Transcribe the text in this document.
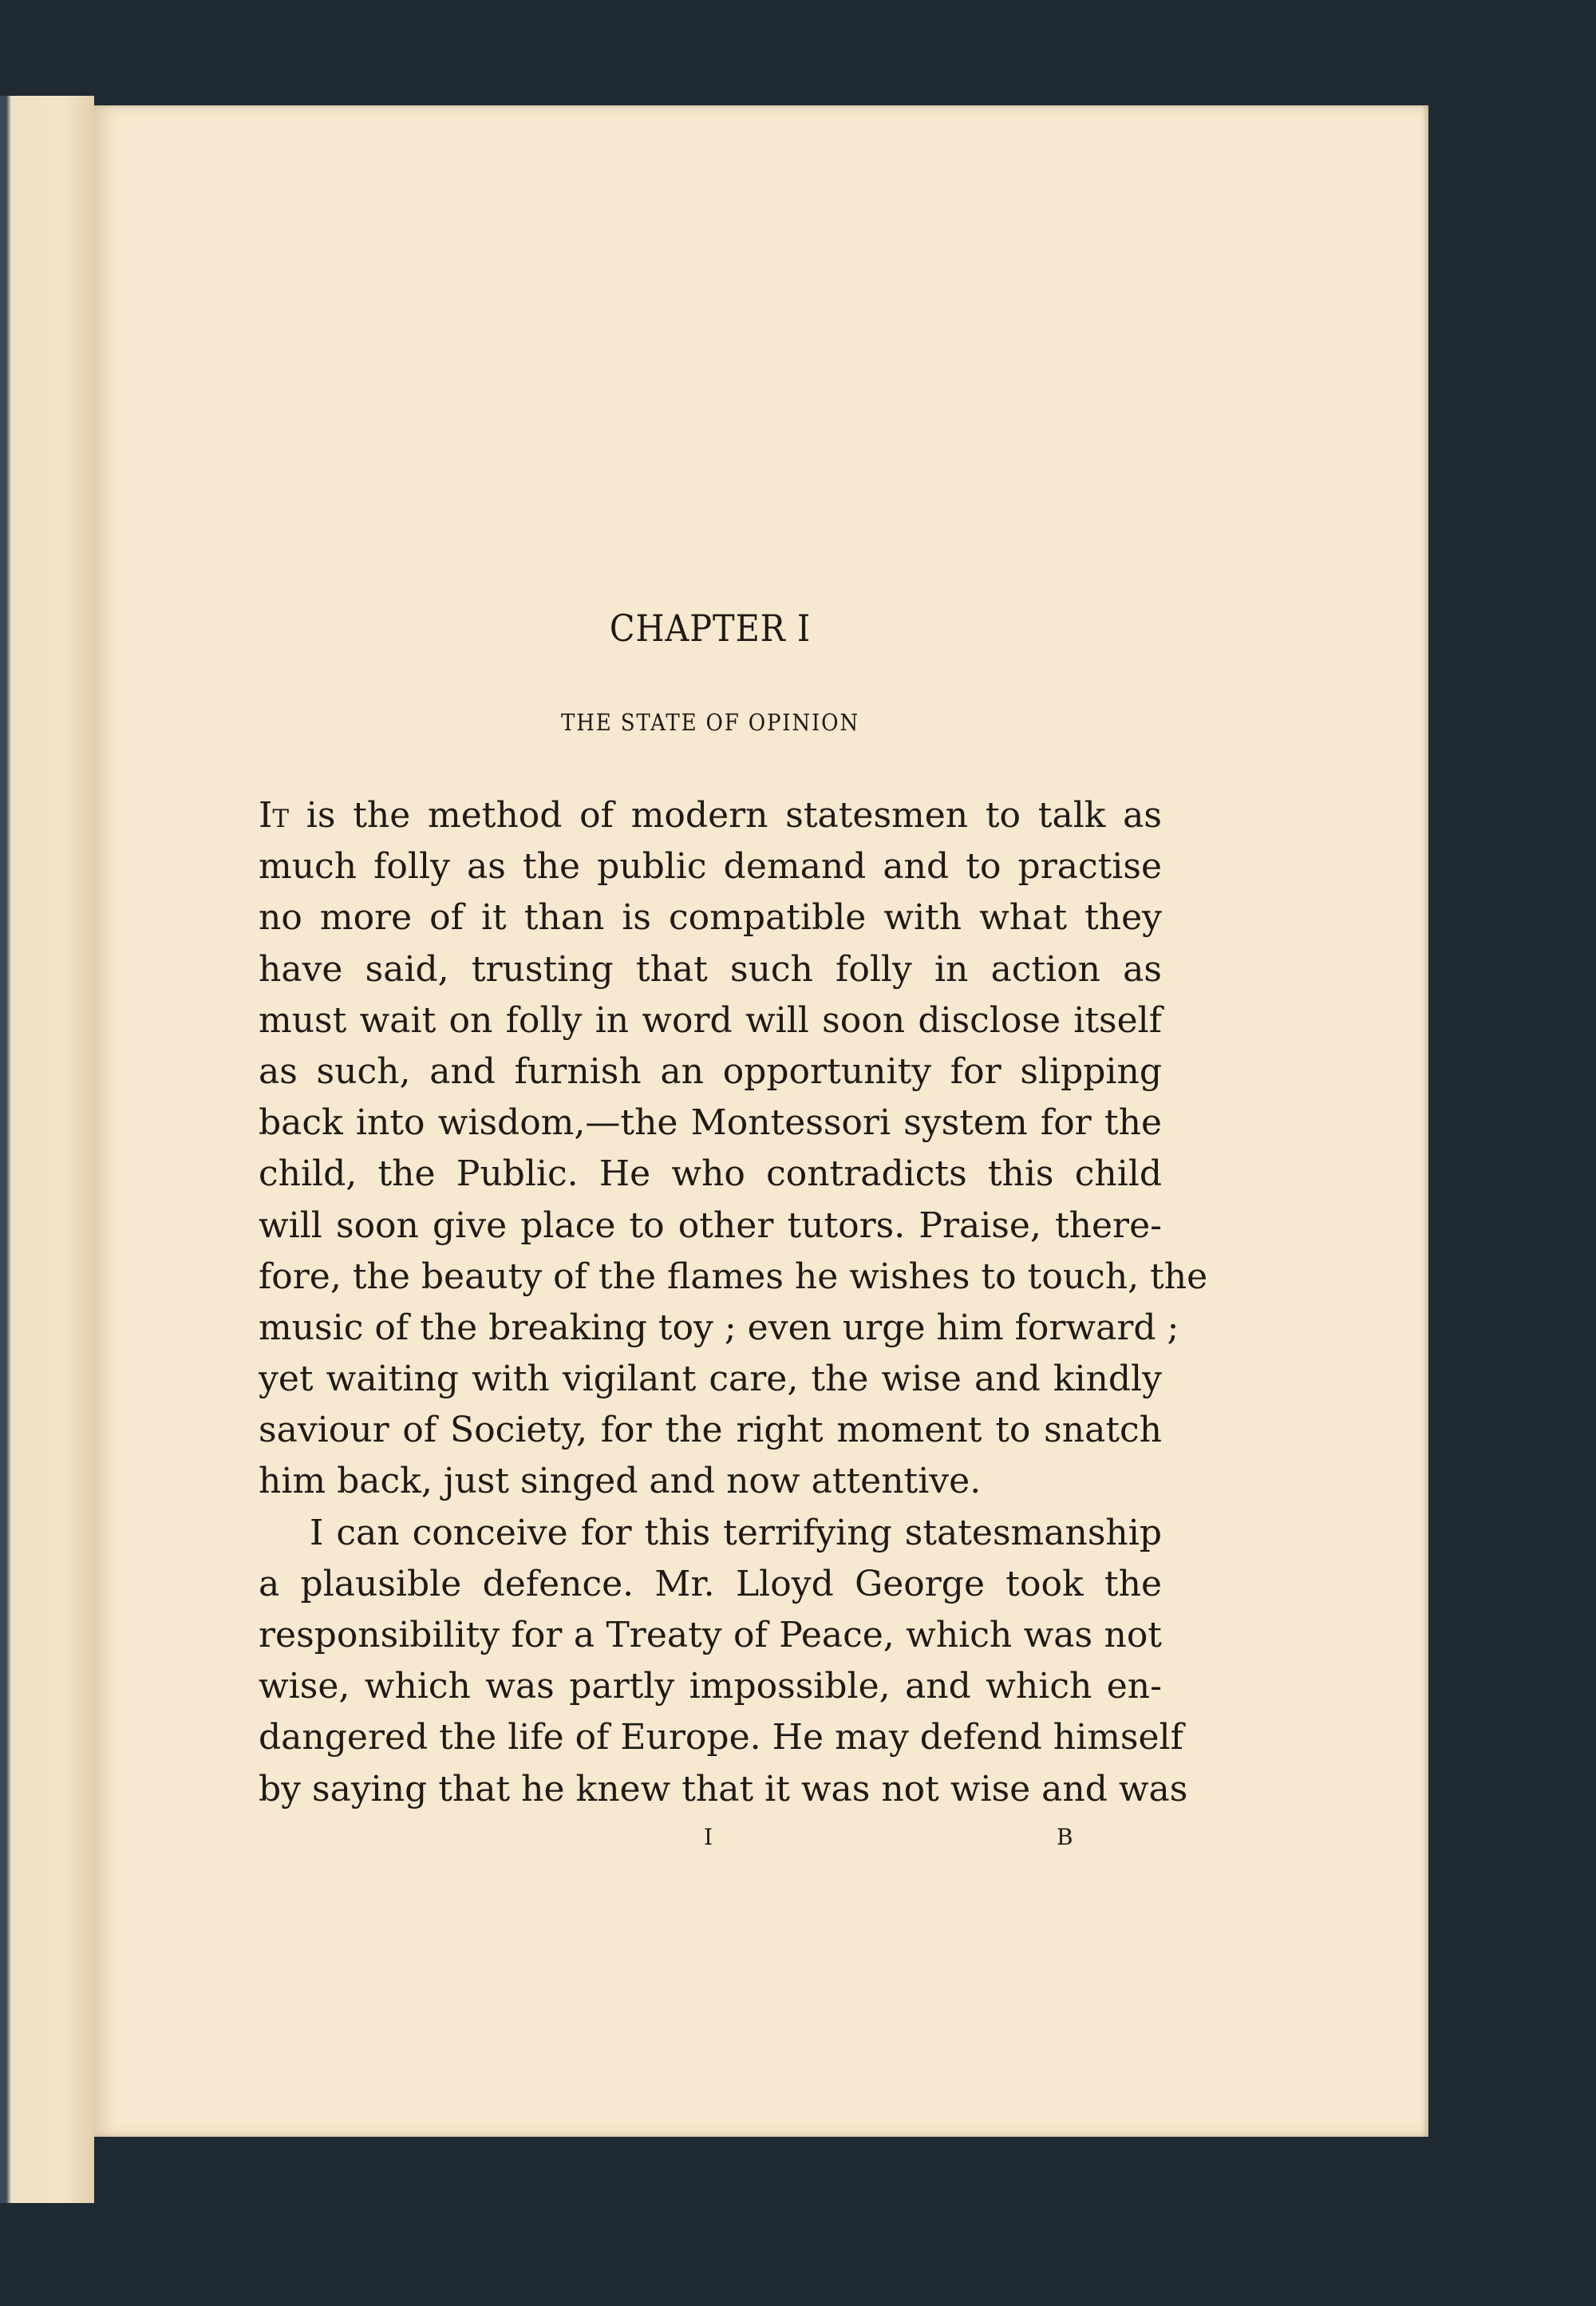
CHAPTER I
THE STATE OF OPINION
It is the method of modern statesmen to talk as
much folly as the public demand and to practise
no more of it than is compatible with what they
have said, trusting that such folly in action as
must wait on folly in word will soon disclose itself
as such, and furnish an opportunity for slipping
back into wisdom,—the Montessori system for the
child, the Public. He who contradicts this child
will soon give place to other tutors. Praise, there-
fore, the beauty of the flames he wishes to touch, the
music of the breaking toy ; even urge him forward ;
yet waiting with vigilant care, the wise and kindly
saviour of Society, for the right moment to snatch
him back, just singed and now attentive.
I can conceive for this terrifying statesmanship
a plausible defence. Mr. Lloyd George took the
responsibility for a Treaty of Peace, which was not
wise, which was partly impossible, and which en-
dangered the life of Europe. He may defend himself
by saying that he knew that it was not wise and was
I	B
